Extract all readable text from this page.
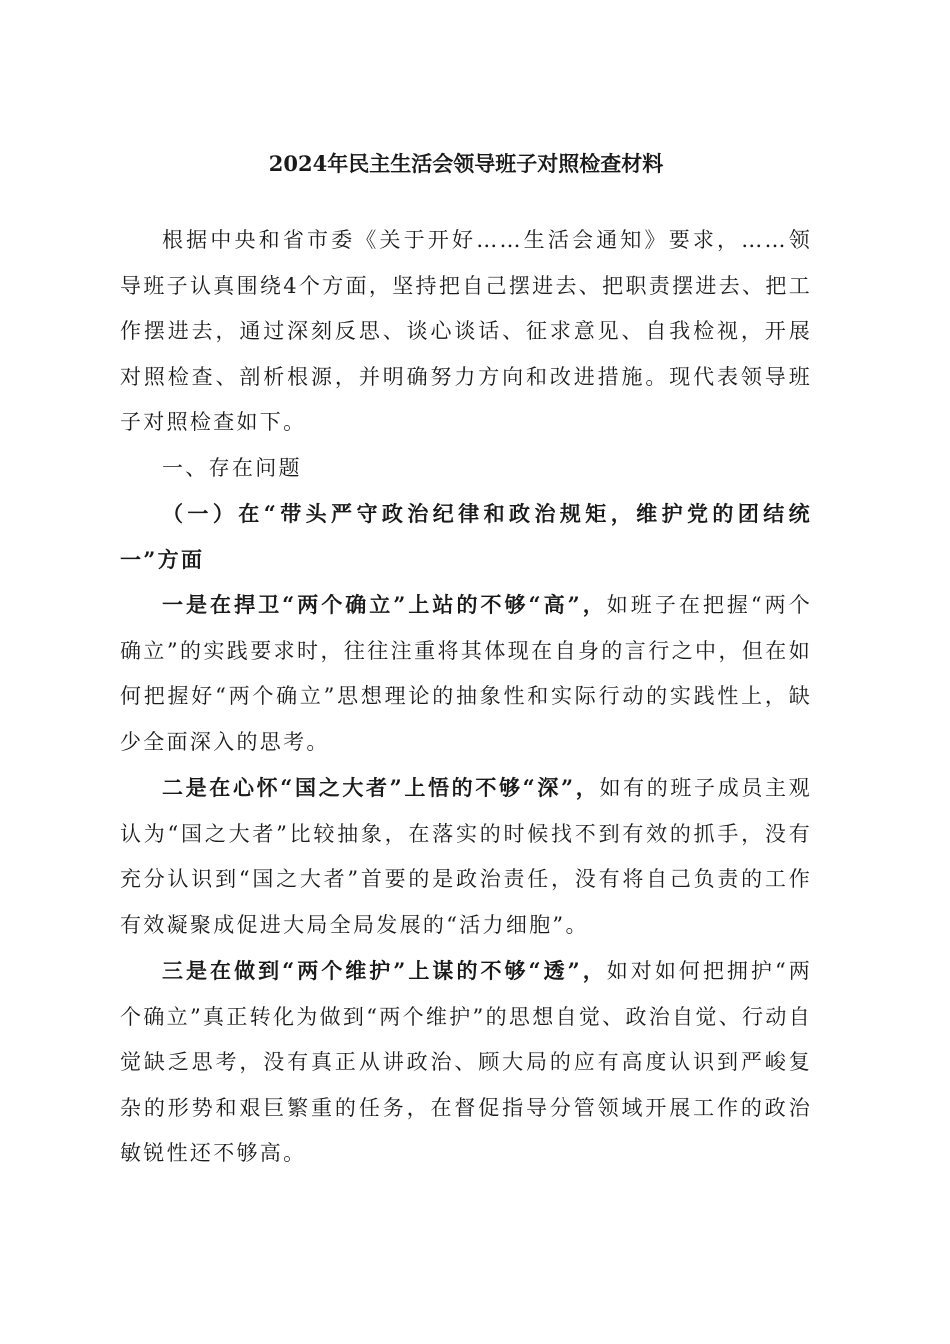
2024年民主生活会领导班子对照检查材料

根据中央和省市委《关于开好……生活会通知》要求，……领导班子认真围绕4个方面，坚持把自己摆进去、把职责摆进去、把工作摆进去，通过深刻反思、谈心谈话、征求意见、自我检视，开展对照检查、剖析根源，并明确努力方向和改进措施。现代表领导班子对照检查如下。

一、存在问题

（一）在“带头严守政治纪律和政治规矩，维护党的团结统一”方面

一是在捍卫“两个确立”上站的不够“高”，如班子在把握“两个确立”的实践要求时，往往注重将其体现在自身的言行之中，但在如何把握好“两个确立”思想理论的抽象性和实际行动的实践性上，缺少全面深入的思考。

二是在心怀“国之大者”上悟的不够“深”，如有的班子成员主观认为“国之大者”比较抽象，在落实的时候找不到有效的抓手，没有充分认识到“国之大者”首要的是政治责任，没有将自己负责的工作有效凝聚成促进大局全局发展的“活力细胞”。

三是在做到“两个维护”上谋的不够“透”，如对如何把拥护“两个确立”真正转化为做到“两个维护”的思想自觉、政治自觉、行动自觉缺乏思考，没有真正从讲政治、顾大局的应有高度认识到严峻复杂的形势和艰巨繁重的任务，在督促指导分管领域开展工作的政治敏锐性还不够高。
